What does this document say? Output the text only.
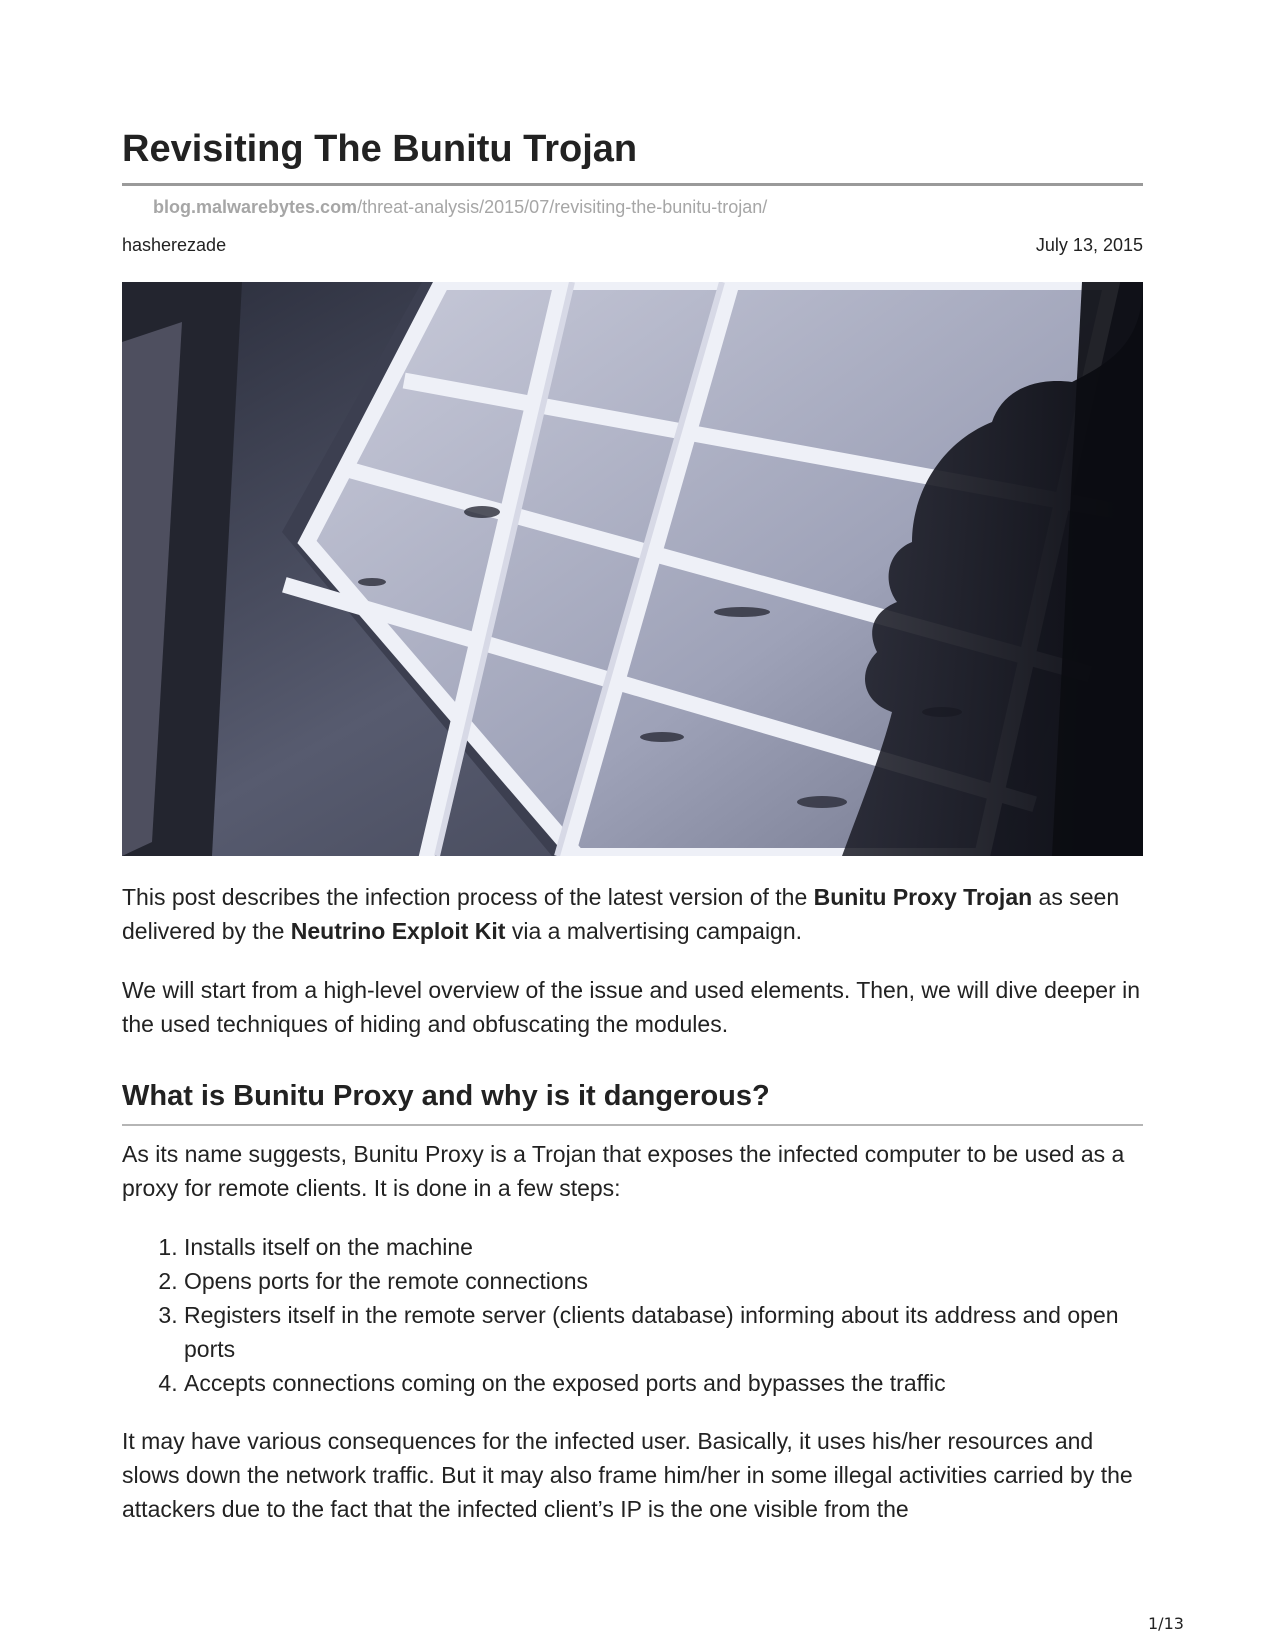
Revisiting The Bunitu Trojan
blog.malwarebytes.com/threat-analysis/2015/07/revisiting-the-bunitu-trojan/
hasherezade	July 13, 2015

This post describes the infection process of the latest version of the Bunitu Proxy Trojan as seen delivered by the Neutrino Exploit Kit via a malvertising campaign.

We will start from a high-level overview of the issue and used elements. Then, we will dive deeper in the used techniques of hiding and obfuscating the modules.

What is Bunitu Proxy and why is it dangerous?

As its name suggests, Bunitu Proxy is a Trojan that exposes the infected computer to be used as a proxy for remote clients. It is done in a few steps:

1. Installs itself on the machine
2. Opens ports for the remote connections
3. Registers itself in the remote server (clients database) informing about its address and open ports
4. Accepts connections coming on the exposed ports and bypasses the traffic

It may have various consequences for the infected user. Basically, it uses his/her resources and slows down the network traffic. But it may also frame him/her in some illegal activities carried by the attackers due to the fact that the infected client’s IP is the one visible from the

1/13
